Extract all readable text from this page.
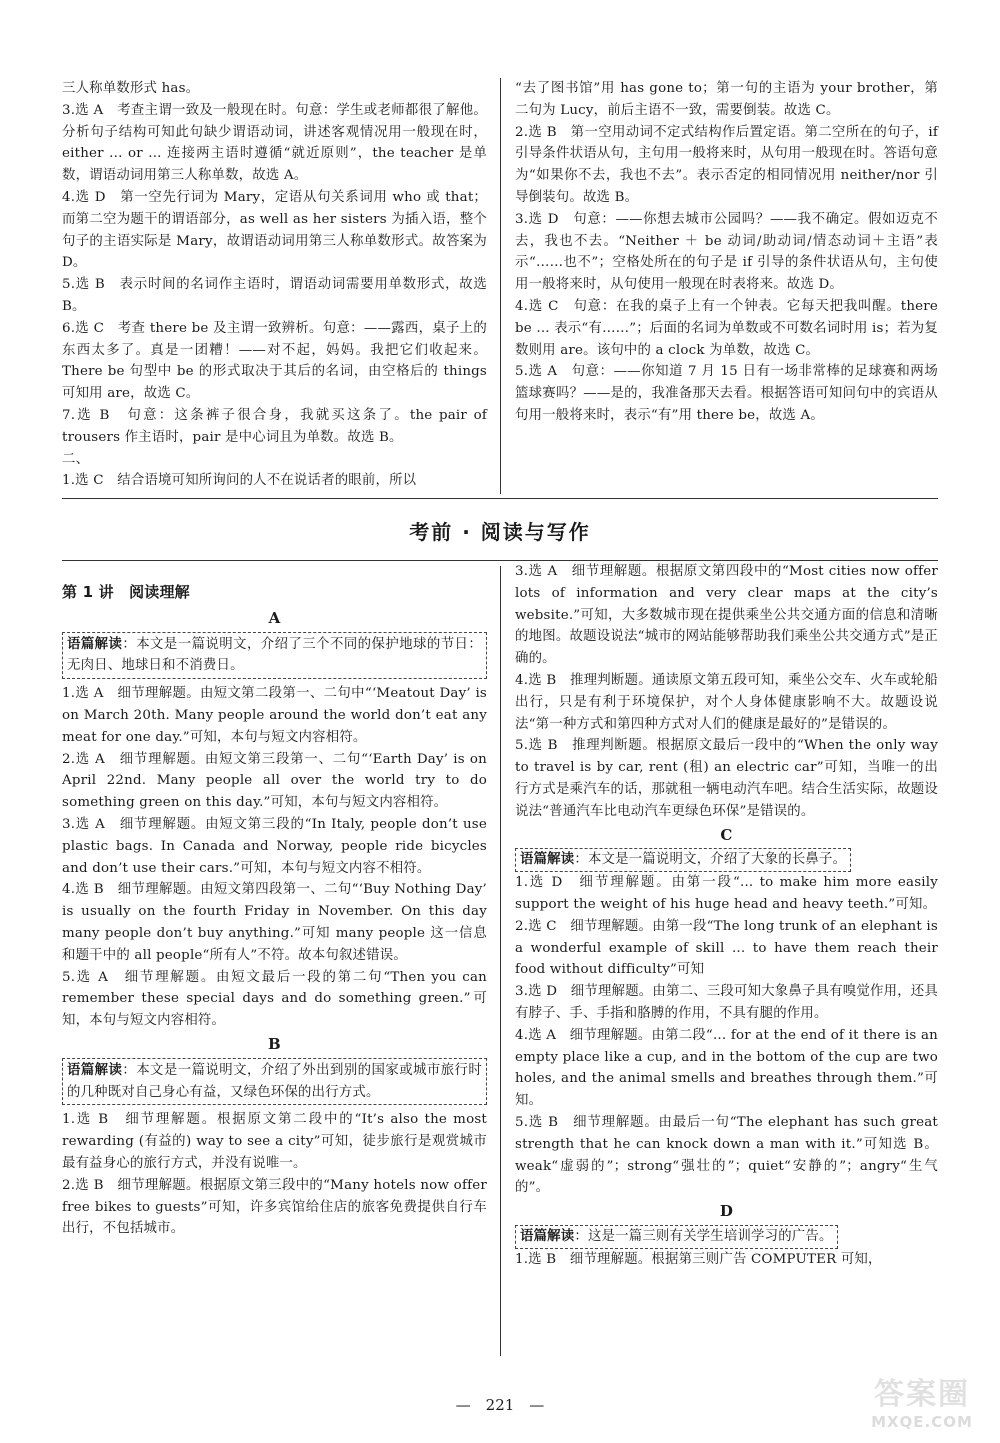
三人称单数形式 has。

3.选 A　考查主谓一致及一般现在时。句意：学生或老师都很了解他。分析句子结构可知此句缺少谓语动词，讲述客观情况用一般现在时，either ... or ... 连接两主语时遵循“就近原则”，the teacher 是单数，谓语动词用第三人称单数，故选 A。

4.选 D　第一空先行词为 Mary，定语从句关系词用 who 或 that；而第二空为题干的谓语部分，as well as her sisters 为插入语，整个句子的主语实际是 Mary，故谓语动词用第三人称单数形式。故答案为 D。

5.选 B　表示时间的名词作主语时，谓语动词需要用单数形式，故选 B。

6.选 C　考查 there be 及主谓一致辨析。句意：——露西，桌子上的东西太多了。真是一团糟！——对不起，妈妈。我把它们收起来。There be 句型中 be 的形式取决于其后的名词，由空格后的 things 可知用 are，故选 C。

7.选 B　句意：这条裤子很合身，我就买这条了。the pair of trousers 作主语时，pair 是中心词且为单数。故选 B。

二、

1.选 C　结合语境可知所询问的人不在说话者的眼前，所以

“去了图书馆”用 has gone to；第一句的主语为 your brother，第二句为 Lucy，前后主语不一致，需要倒装。故选 C。

2.选 B　第一空用动词不定式结构作后置定语。第二空所在的句子，if 引导条件状语从句，主句用一般将来时，从句用一般现在时。答语句意为“如果你不去，我也不去”。表示否定的相同情况用 neither/nor 引导倒装句。故选 B。

3.选 D　句意：——你想去城市公园吗？——我不确定。假如迈克不去，我也不去。“Neither ＋ be 动词/助动词/情态动词＋主语”表示“……也不”；空格处所在的句子是 if 引导的条件状语从句，主句使用一般将来时，从句使用一般现在时表将来。故选 D。

4.选 C　句意：在我的桌子上有一个钟表。它每天把我叫醒。there be ... 表示“有……”；后面的名词为单数或不可数名词时用 is；若为复数则用 are。该句中的 a clock 为单数，故选 C。

5.选 A　句意：——你知道 7 月 15 日有一场非常棒的足球赛和两场篮球赛吗？——是的，我准备那天去看。根据答语可知问句中的宾语从句用一般将来时，表示“有”用 there be，故选 A。

考前 · 阅读与写作

第 1 讲　阅读理解

A

语篇解读：本文是一篇说明文，介绍了三个不同的保护地球的节日：无肉日、地球日和不消费日。

1.选 A　细节理解题。由短文第二段第一、二句中“‘Meatout Day’ is on March 20th. Many people around the world don’t eat any meat for one day.”可知，本句与短文内容相符。

2.选 A　细节理解题。由短文第三段第一、二句“‘Earth Day’ is on April 22nd. Many people all over the world try to do something green on this day.”可知，本句与短文内容相符。

3.选 A　细节理解题。由短文第三段的“In Italy, people don’t use plastic bags. In Canada and Norway, people ride bicycles and don’t use their cars.”可知，本句与短文内容不相符。

4.选 B　细节理解题。由短文第四段第一、二句“‘Buy Nothing Day’ is usually on the fourth Friday in November. On this day many people don’t buy anything.”可知 many people 这一信息和题干中的 all people“所有人”不符。故本句叙述错误。

5.选 A　细节理解题。由短文最后一段的第二句“Then you can remember these special days and do something green.”可知，本句与短文内容相符。

B

语篇解读：本文是一篇说明文，介绍了外出到别的国家或城市旅行时的几种既对自己身心有益，又绿色环保的出行方式。

1.选 B　细节理解题。根据原文第二段中的“It’s also the most rewarding (有益的) way to see a city”可知，徒步旅行是观赏城市最有益身心的旅行方式，并没有说唯一。

2.选 B　细节理解题。根据原文第三段中的“Many hotels now offer free bikes to guests”可知，许多宾馆给住店的旅客免费提供自行车出行，不包括城市。

3.选 A　细节理解题。根据原文第四段中的“Most cities now offer lots of information and very clear maps at the city’s website.”可知，大多数城市现在提供乘坐公共交通方面的信息和清晰的地图。故题设说法“城市的网站能够帮助我们乘坐公共交通方式”是正确的。

4.选 B　推理判断题。通读原文第五段可知，乘坐公交车、火车或轮船出行，只是有利于环境保护，对个人身体健康影响不大。故题设说法“第一种方式和第四种方式对人们的健康是最好的”是错误的。

5.选 B　推理判断题。根据原文最后一段中的“When the only way to travel is by car, rent (租) an electric car”可知，当唯一的出行方式是乘汽车的话，那就租一辆电动汽车吧。结合生活实际，故题设说法“普通汽车比电动汽车更绿色环保”是错误的。

C

语篇解读：本文是一篇说明文，介绍了大象的长鼻子。

1.选 D　细节理解题。由第一段“... to make him more easily support the weight of his huge head and heavy teeth.”可知。

2.选 C　细节理解题。由第一段“The long trunk of an elephant is a wonderful example of skill ... to have them reach their food without difficulty”可知

3.选 D　细节理解题。由第二、三段可知大象鼻子具有嗅觉作用，还具有脖子、手、手指和胳膊的作用，不具有腿的作用。

4.选 A　细节理解题。由第二段“... for at the end of it there is an empty place like a cup, and in the bottom of the cup are two holes, and the animal smells and breathes through them.”可知。

5.选 B　细节理解题。由最后一句“The elephant has such great strength that he can knock down a man with it.”可知选 B。weak“虚弱的”；strong“强壮的”；quiet“安静的”；angry“生气的”。

D

语篇解读：这是一篇三则有关学生培训学习的广告。

1.选 B　细节理解题。根据第三则广告 COMPUTER 可知，

—　221　—	答案圈
MXQE.COM
